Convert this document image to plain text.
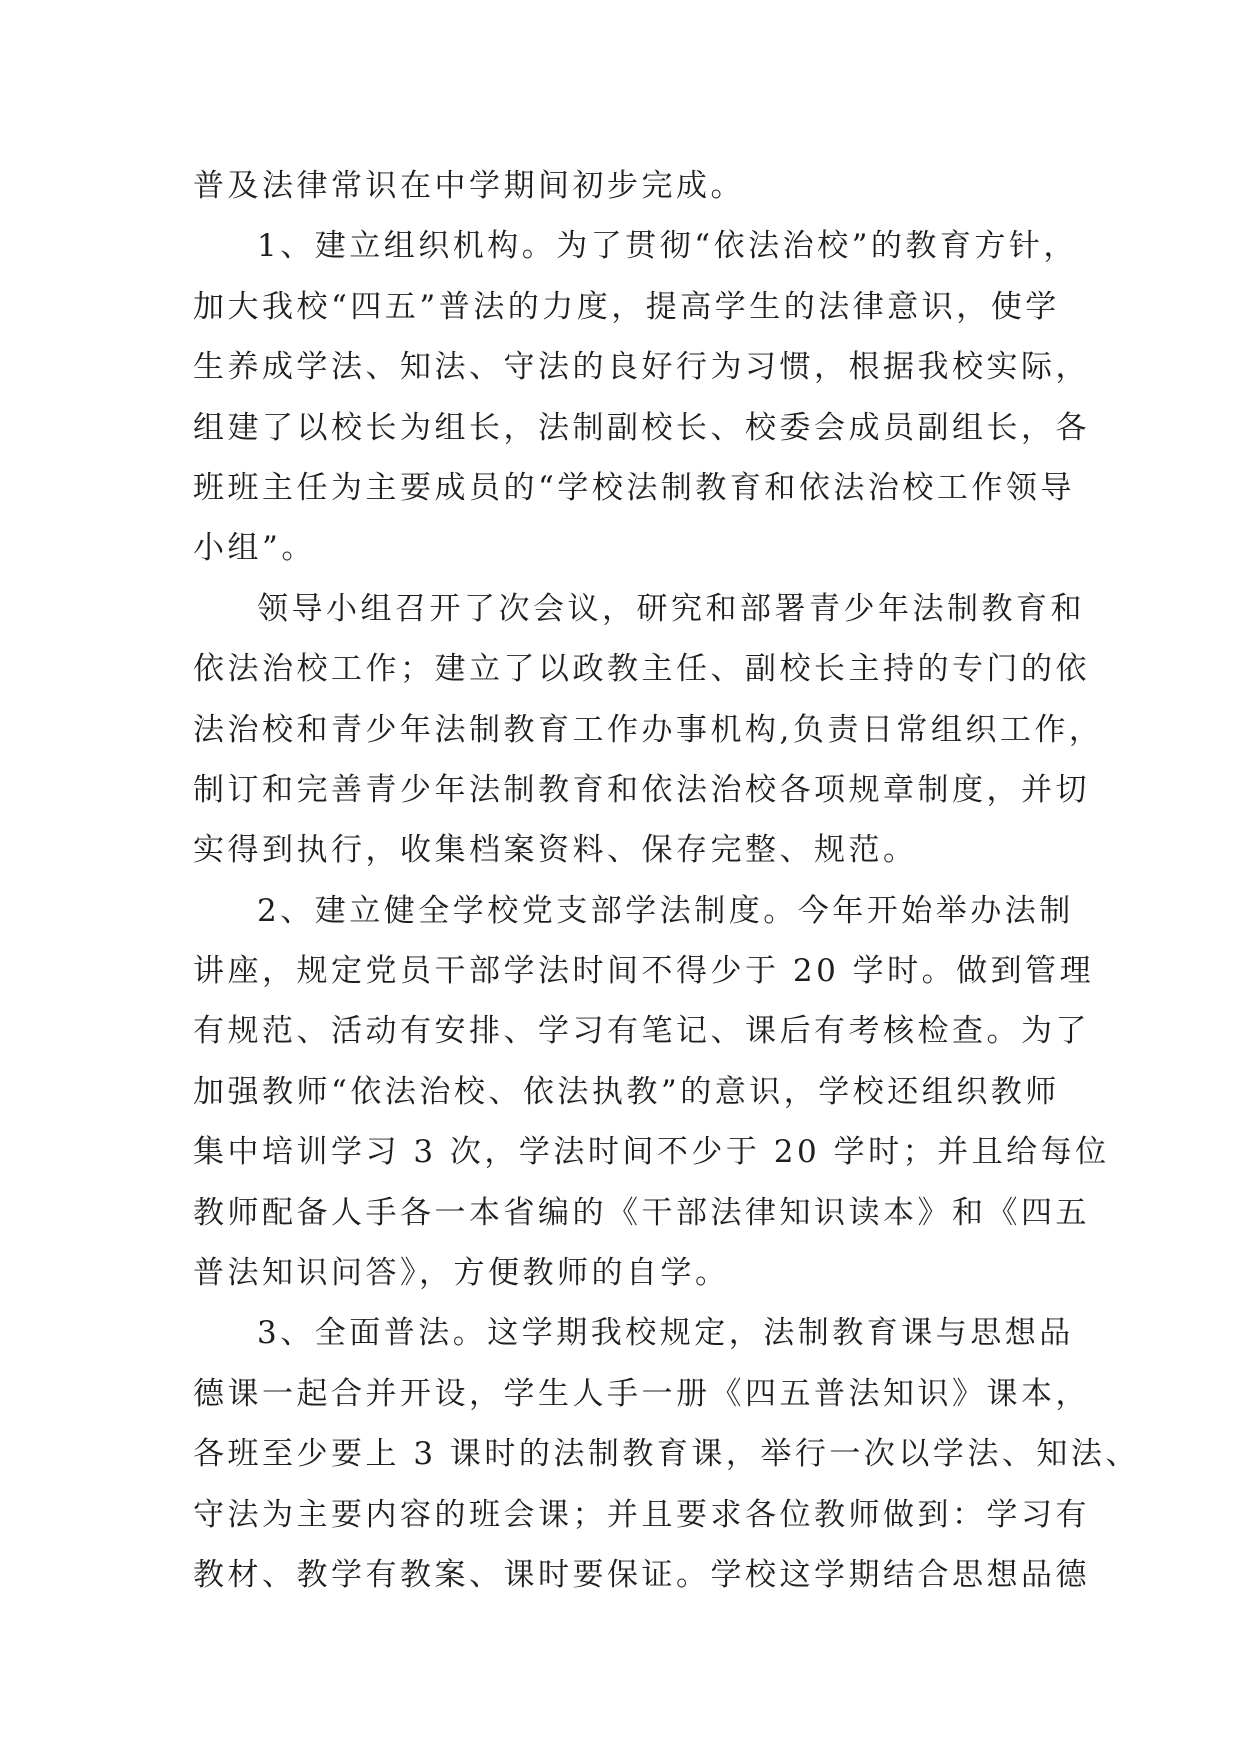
普及法律常识在中学期间初步完成。
1、建立组织机构。为了贯彻“依法治校”的教育方针，
加大我校“四五”普法的力度，提高学生的法律意识，使学
生养成学法、知法、守法的良好行为习惯，根据我校实际，
组建了以校长为组长，法制副校长、校委会成员副组长，各
班班主任为主要成员的“学校法制教育和依法治校工作领导
小组”。
领导小组召开了次会议，研究和部署青少年法制教育和
依法治校工作；建立了以政教主任、副校长主持的专门的依
法治校和青少年法制教育工作办事机构,负责日常组织工作，
制订和完善青少年法制教育和依法治校各项规章制度，并切
实得到执行，收集档案资料、保存完整、规范。
2、建立健全学校党支部学法制度。今年开始举办法制
讲座，规定党员干部学法时间不得少于 20 学时。做到管理
有规范、活动有安排、学习有笔记、课后有考核检查。为了
加强教师“依法治校、依法执教”的意识，学校还组织教师
集中培训学习 3 次，学法时间不少于 20 学时；并且给每位
教师配备人手各一本省编的《干部法律知识读本》和《四五
普法知识问答》，方便教师的自学。
3、全面普法。这学期我校规定，法制教育课与思想品
德课一起合并开设，学生人手一册《四五普法知识》课本，
各班至少要上 3 课时的法制教育课，举行一次以学法、知法、
守法为主要内容的班会课；并且要求各位教师做到：学习有
教材、教学有教案、课时要保证。学校这学期结合思想品德
